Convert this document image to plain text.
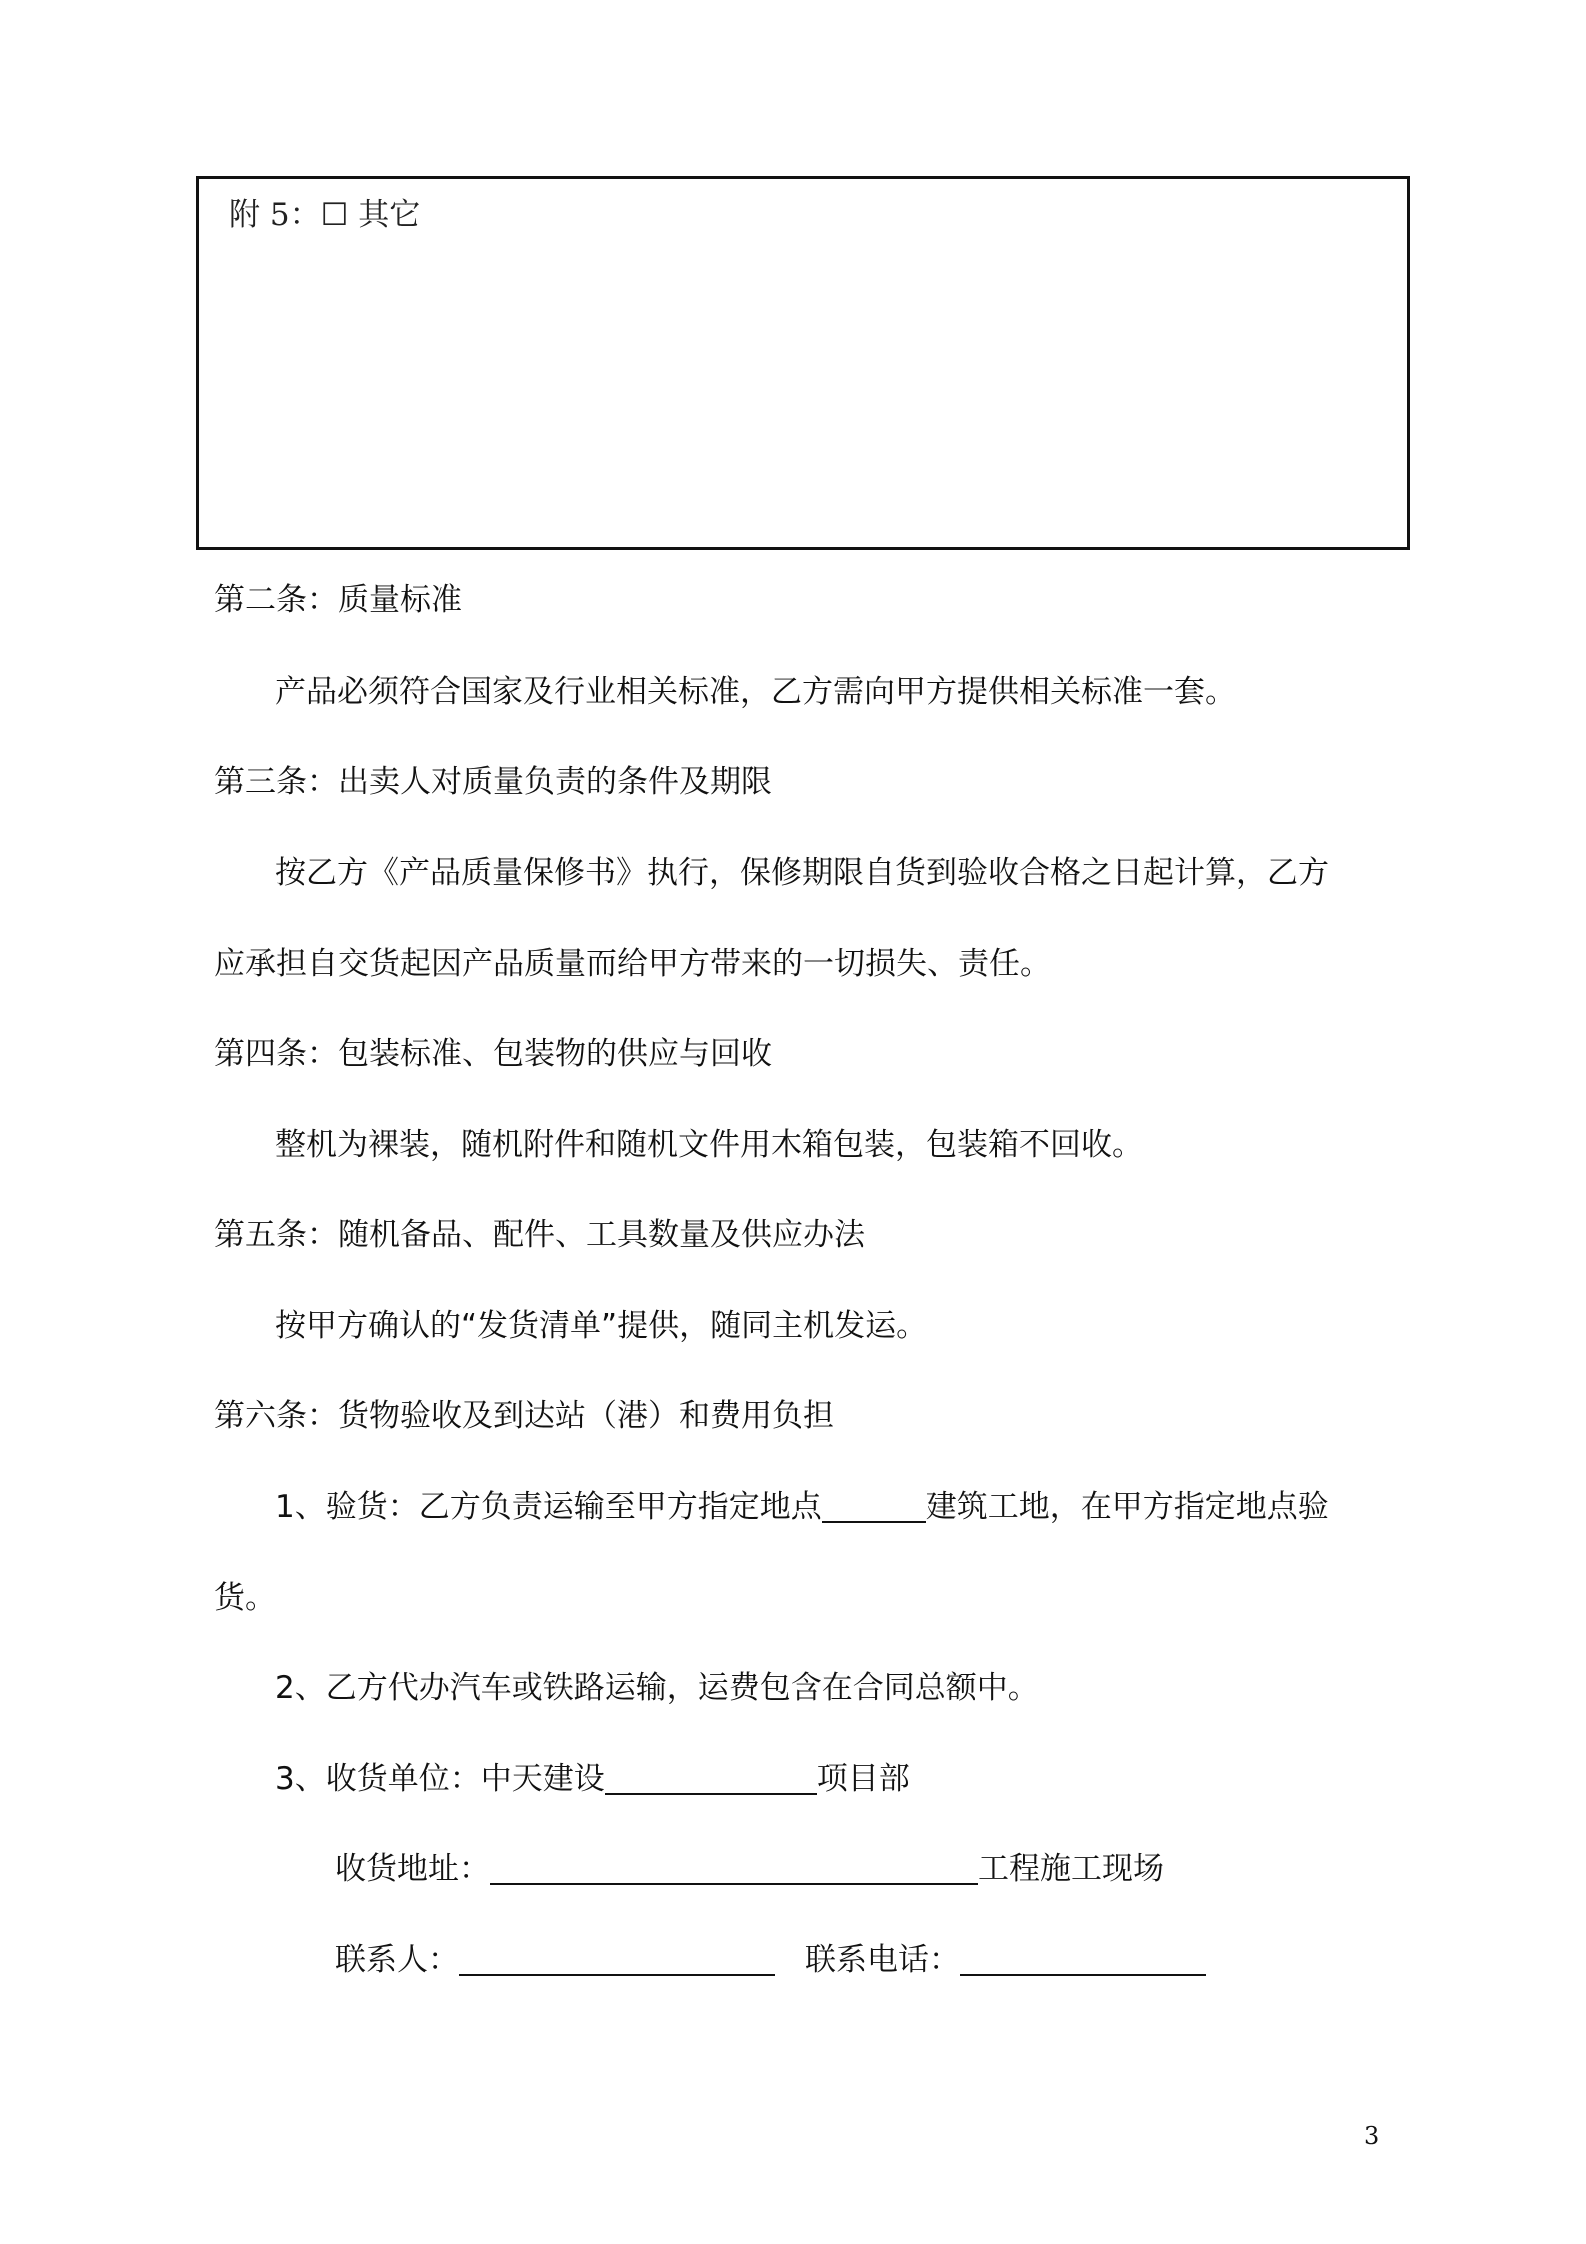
附 5：☐ 其它
第二条：质量标准
产品必须符合国家及行业相关标准，乙方需向甲方提供相关标准一套。
第三条：出卖人对质量负责的条件及期限
按乙方《产品质量保修书》执行，保修期限自货到验收合格之日起计算，乙方
应承担自交货起因产品质量而给甲方带来的一切损失、责任。
第四条：包装标准、包装物的供应与回收
整机为裸装，随机附件和随机文件用木箱包装，包装箱不回收。
第五条：随机备品、配件、工具数量及供应办法
按甲方确认的“发货清单”提供，随同主机发运。
第六条：货物验收及到达站（港）和费用负担
1、验货：乙方负责运输至甲方指定地点	建筑工地，在甲方指定地点验
货。
2、乙方代办汽车或铁路运输，运费包含在合同总额中。
3、收货单位：中天建设	项目部
收货地址：	工程施工现场
联系人：	联系电话：
3
